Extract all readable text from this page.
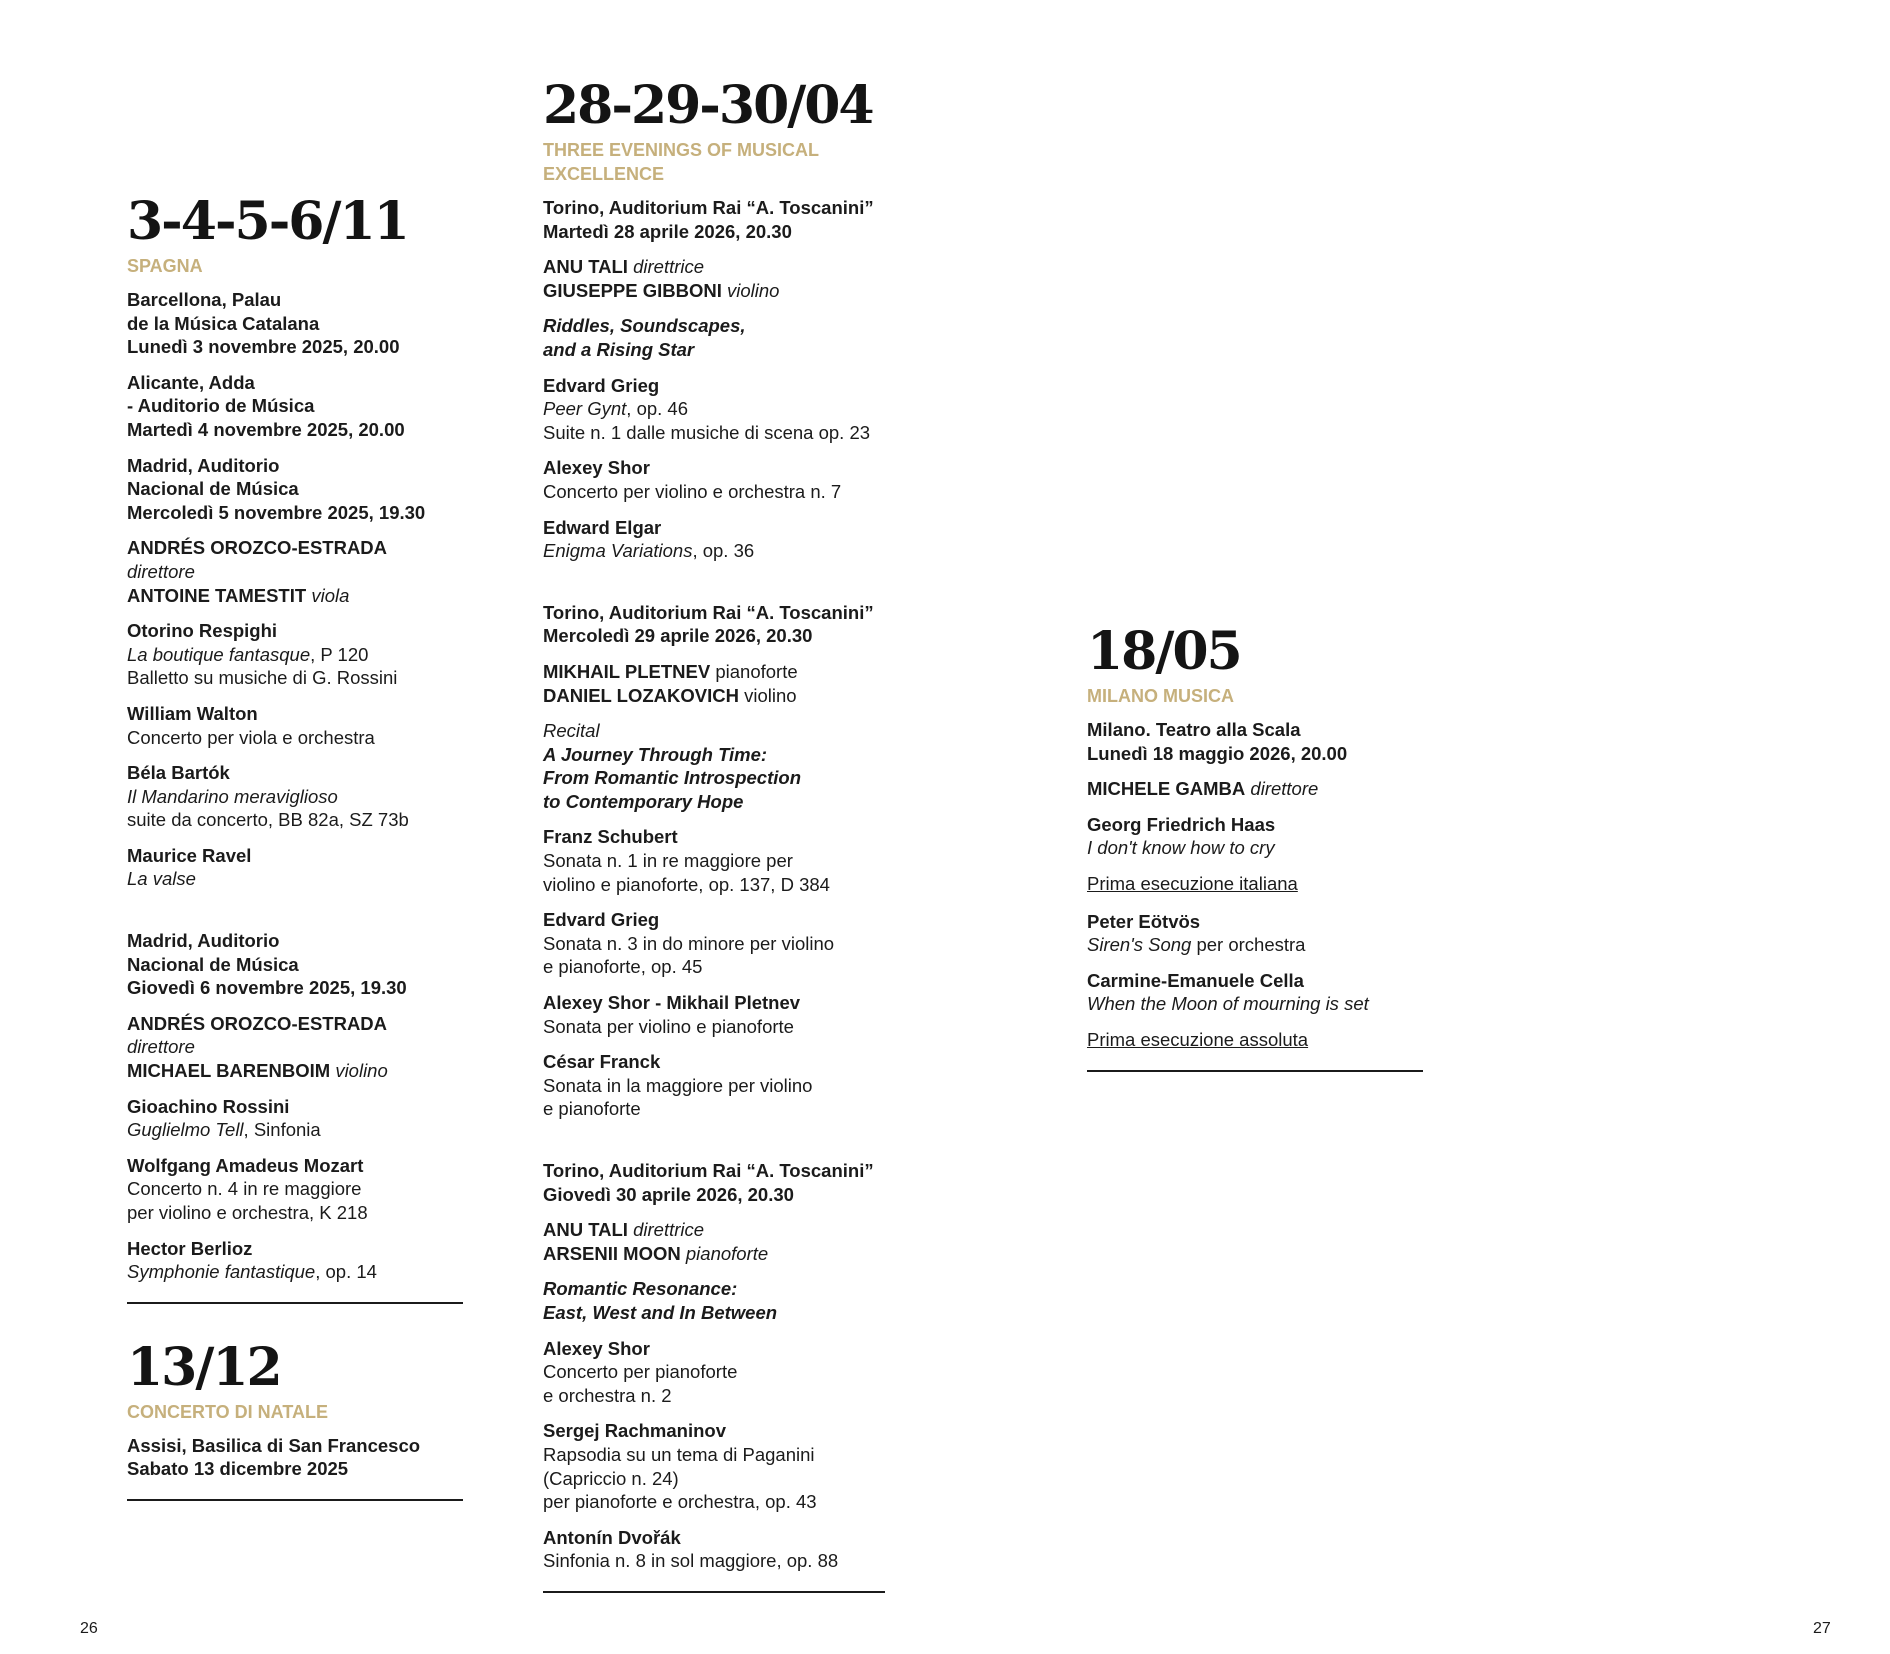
3-4-5-6/11
SPAGNA
Barcellona, Palau
de la Música Catalana
Lunedì 3 novembre 2025, 20.00
Alicante, Adda
- Auditorio de Música
Martedì 4 novembre 2025, 20.00
Madrid, Auditorio
Nacional de Música
Mercoledì 5 novembre 2025, 19.30
ANDRÉS OROZCO-ESTRADA
direttore
ANTOINE TAMESTIT viola
Otorino Respighi
La boutique fantasque, P 120
Balletto su musiche di G. Rossini
William Walton
Concerto per viola e orchestra
Béla Bartók
Il Mandarino meraviglioso
suite da concerto, BB 82a, SZ 73b
Maurice Ravel
La valse
Madrid, Auditorio
Nacional de Música
Giovedì 6 novembre 2025, 19.30
ANDRÉS OROZCO-ESTRADA
direttore
MICHAEL BARENBOIM violino
Gioachino Rossini
Guglielmo Tell, Sinfonia
Wolfgang Amadeus Mozart
Concerto n. 4 in re maggiore
per violino e orchestra, K 218
Hector Berlioz
Symphonie fantastique, op. 14
13/12
CONCERTO DI NATALE
Assisi, Basilica di San Francesco
Sabato 13 dicembre 2025
28-29-30/04
THREE EVENINGS OF MUSICAL
EXCELLENCE
Torino, Auditorium Rai “A. Toscanini”
Martedì 28 aprile 2026, 20.30
ANU TALI direttrice
GIUSEPPE GIBBONI violino
Riddles, Soundscapes,
and a Rising Star
Edvard Grieg
Peer Gynt, op. 46
Suite n. 1 dalle musiche di scena op. 23
Alexey Shor
Concerto per violino e orchestra n. 7
Edward Elgar
Enigma Variations, op. 36
Torino, Auditorium Rai “A. Toscanini”
Mercoledì 29 aprile 2026, 20.30
MIKHAIL PLETNEV pianoforte
DANIEL LOZAKOVICH violino
Recital
A Journey Through Time:
From Romantic Introspection
to Contemporary Hope
Franz Schubert
Sonata n. 1 in re maggiore per
violino e pianoforte, op. 137, D 384
Edvard Grieg
Sonata n. 3 in do minore per violino
e pianoforte, op. 45
Alexey Shor - Mikhail Pletnev
Sonata per violino e pianoforte
César Franck
Sonata in la maggiore per violino
e pianoforte
Torino, Auditorium Rai “A. Toscanini”
Giovedì 30 aprile 2026, 20.30
ANU TALI direttrice
ARSENII MOON pianoforte
Romantic Resonance:
East, West and In Between
Alexey Shor
Concerto per pianoforte
e orchestra n. 2
Sergej Rachmaninov
Rapsodia su un tema di Paganini
(Capriccio n. 24)
per pianoforte e orchestra, op. 43
Antonín Dvořák
Sinfonia n. 8 in sol maggiore, op. 88
18/05
MILANO MUSICA
Milano. Teatro alla Scala
Lunedì 18 maggio 2026, 20.00
MICHELE GAMBA direttore
Georg Friedrich Haas
I don't know how to cry
Prima esecuzione italiana
Peter Eötvös
Siren's Song per orchestra
Carmine-Emanuele Cella
When the Moon of mourning is set
Prima esecuzione assoluta
26	27
